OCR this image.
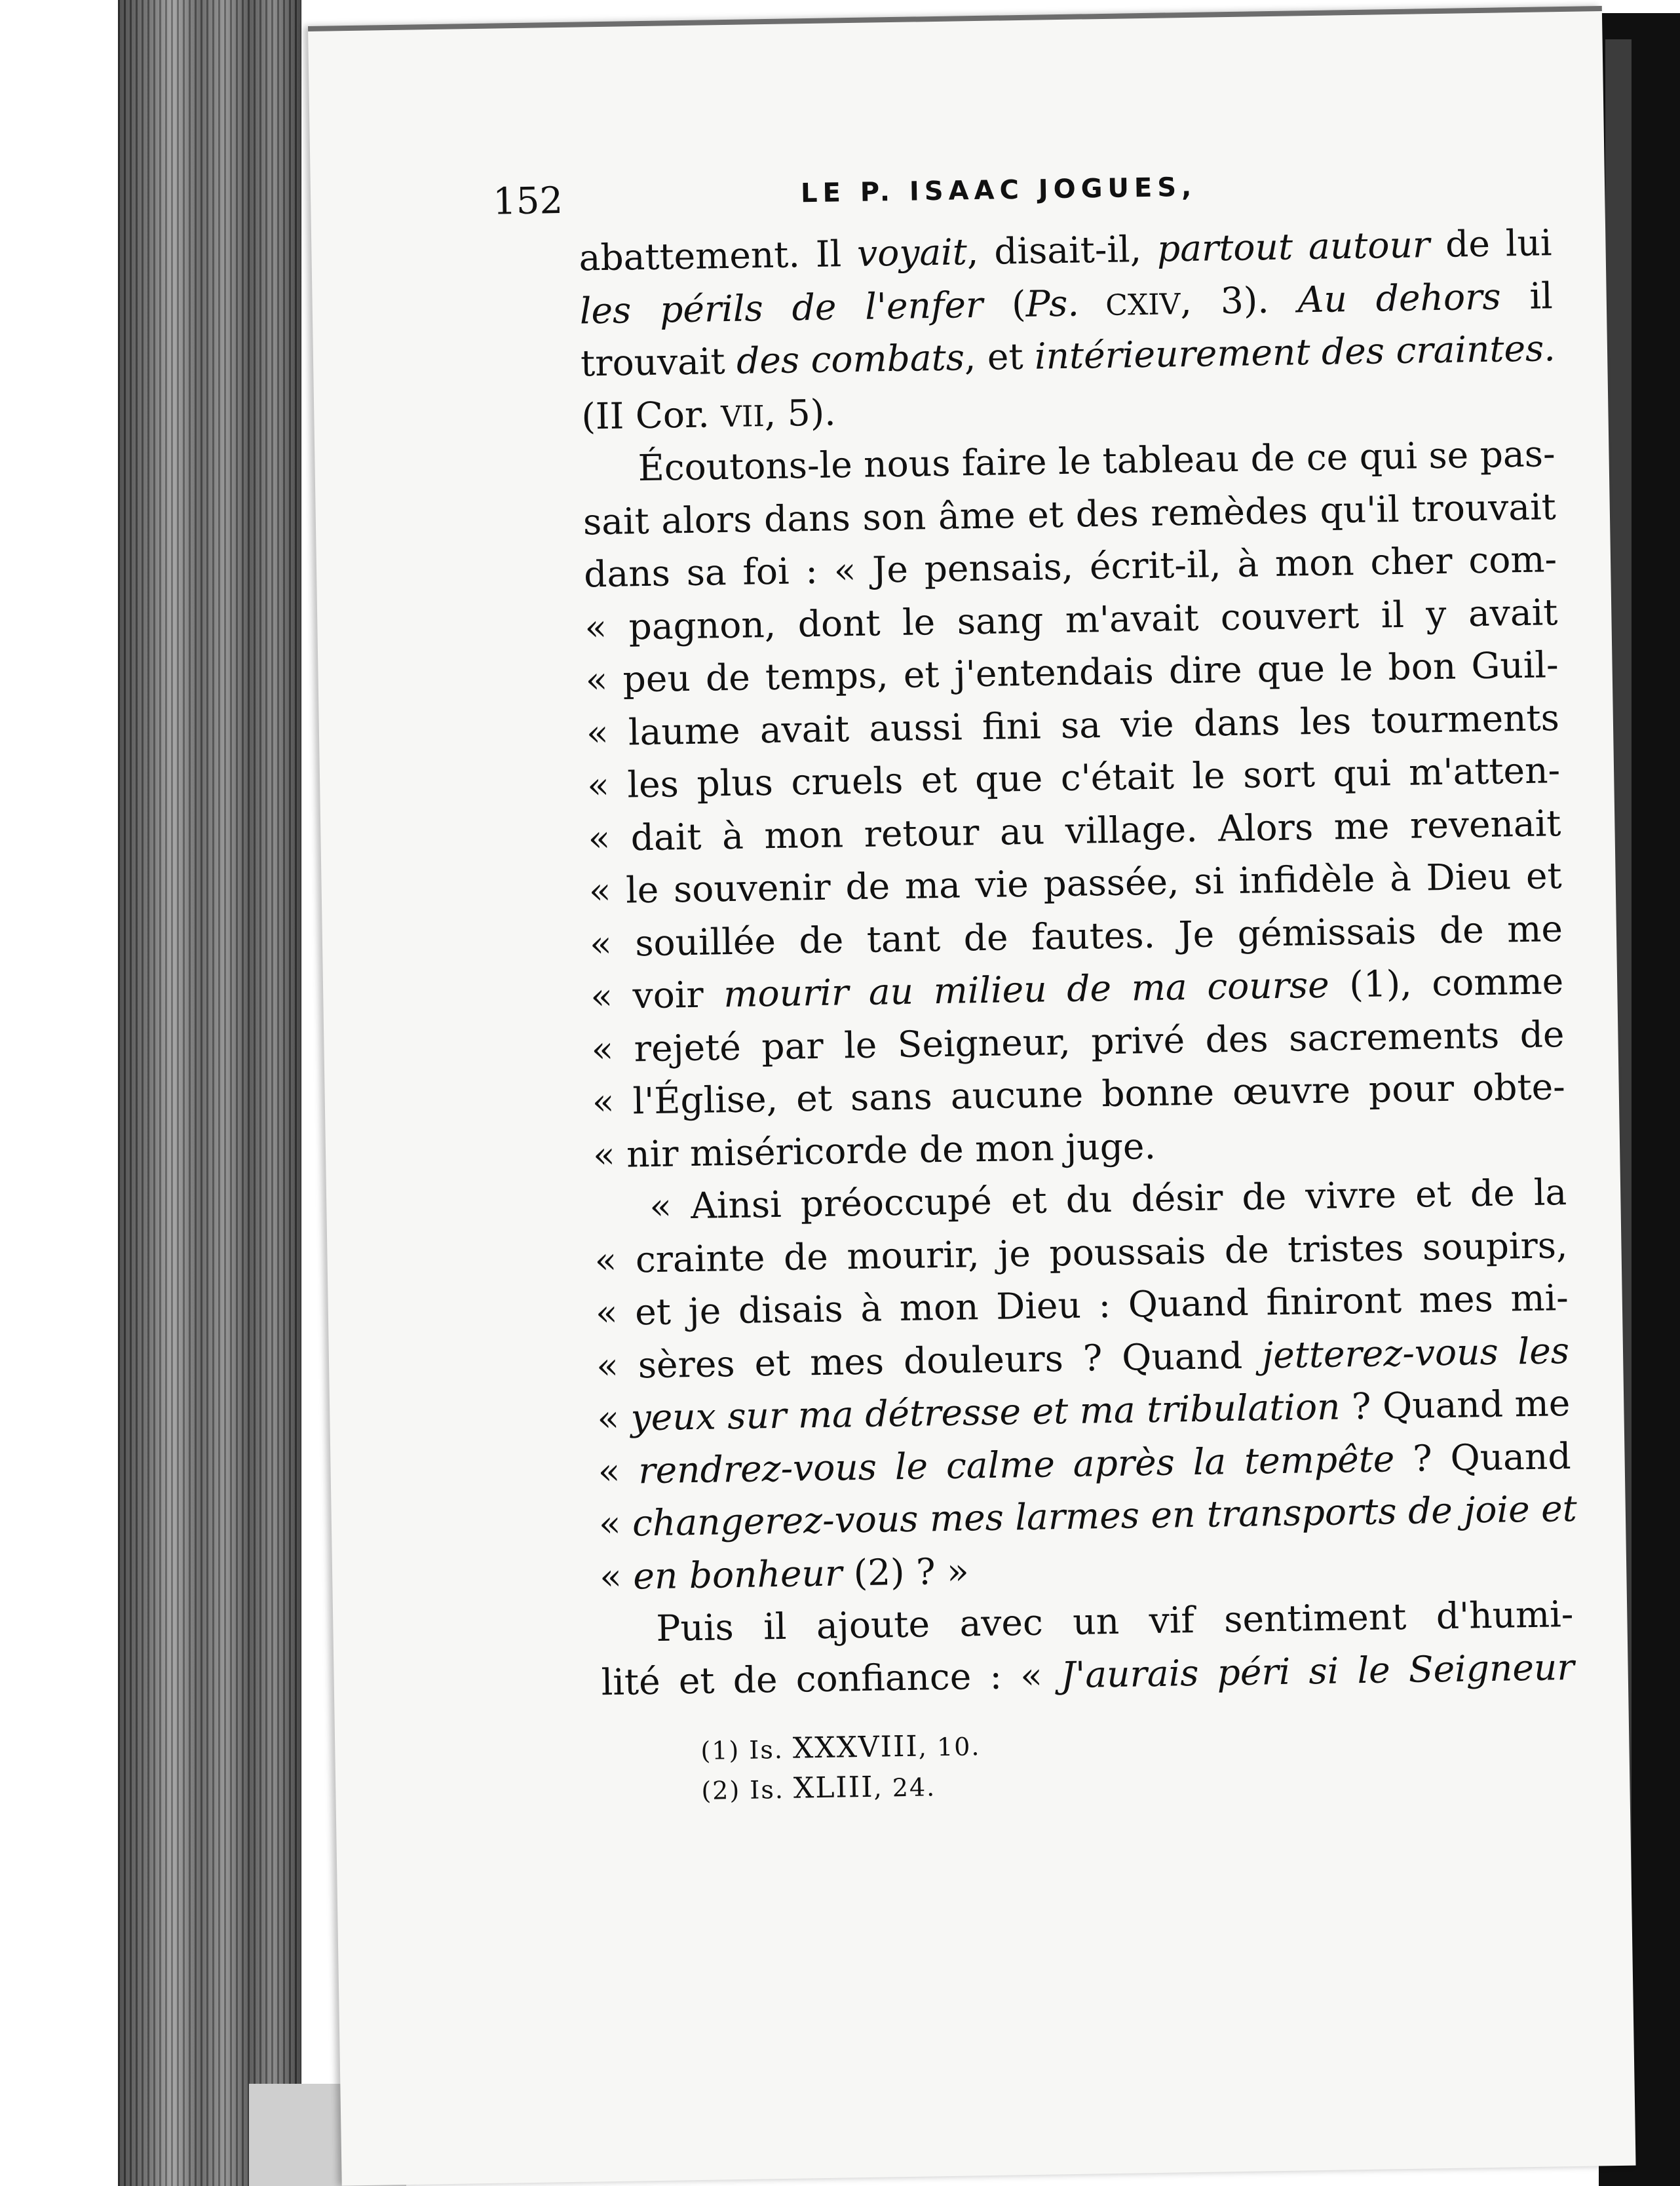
152	LE P. ISAAC JOGUES,
abattement. Il voyait, disait-il, partout autour de lui
les périls de l'enfer (Ps. CXIV, 3). Au dehors il
trouvait des combats, et intérieurement des craintes.
(II Cor. VII, 5).
Écoutons-le nous faire le tableau de ce qui se pas-
sait alors dans son âme et des remèdes qu'il trouvait
dans sa foi : « Je pensais, écrit-il, à mon cher com-
« pagnon, dont le sang m'avait couvert il y avait
« peu de temps, et j'entendais dire que le bon Guil-
« laume avait aussi fini sa vie dans les tourments
« les plus cruels et que c'était le sort qui m'atten-
« dait à mon retour au village. Alors me revenait
« le souvenir de ma vie passée, si infidèle à Dieu et
« souillée de tant de fautes. Je gémissais de me
« voir mourir au milieu de ma course (1), comme
« rejeté par le Seigneur, privé des sacrements de
« l'Église, et sans aucune bonne œuvre pour obte-
« nir miséricorde de mon juge.
« Ainsi préoccupé et du désir de vivre et de la
« crainte de mourir, je poussais de tristes soupirs,
« et je disais à mon Dieu : Quand finiront mes mi-
« sères et mes douleurs ? Quand jetterez-vous les
« yeux sur ma détresse et ma tribulation ? Quand me
« rendrez-vous le calme après la tempête ? Quand
« changerez-vous mes larmes en transports de joie et
« en bonheur (2) ? »
Puis il ajoute avec un vif sentiment d'humi-
lité et de confiance : « J'aurais péri si le Seigneur
(1) Is. XXXVIII, 10.
(2) Is. XLIII, 24.
